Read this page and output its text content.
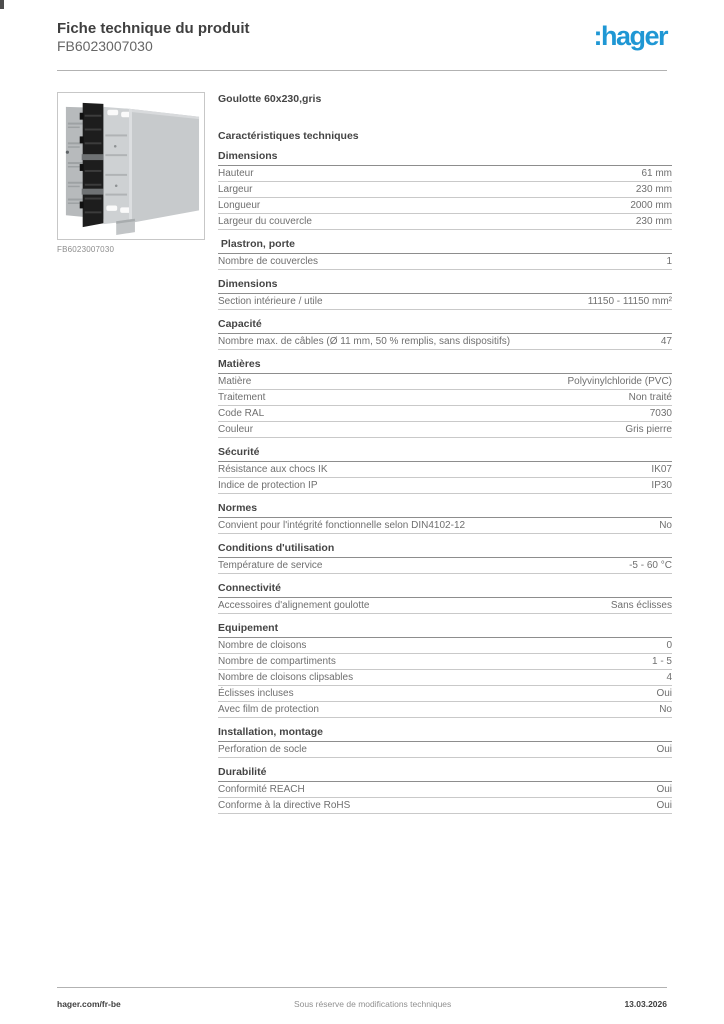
Fiche technique du produit
FB6023007030	:hager
FB6023007030
Goulotte 60x230,gris
Caractéristiques techniques
Dimensions
Hauteur	61 mm
Largeur	230 mm
Longueur	2000 mm
Largeur du couvercle	230 mm
Plastron, porte
Nombre de couvercles	1
Dimensions
Section intérieure / utile	11150 - 11150 mm²
Capacité
Nombre max. de câbles (Ø 11 mm, 50 % remplis, sans dispositifs)	47
Matières
Matière	Polyvinylchloride (PVC)
Traitement	Non traité
Code RAL	7030
Couleur	Gris pierre
Sécurité
Résistance aux chocs IK	IK07
Indice de protection IP	IP30
Normes
Convient pour l'intégrité fonctionnelle selon DIN4102-12	No
Conditions d'utilisation
Température de service	-5 - 60 °C
Connectivité
Accessoires d'alignement goulotte	Sans éclisses
Equipement
Nombre de cloisons	0
Nombre de compartiments	1 - 5
Nombre de cloisons clipsables	4
Éclisses incluses	Oui
Avec film de protection	No
Installation, montage
Perforation de socle	Oui
Durabilité
Conformité REACH	Oui
Conforme à la directive RoHS	Oui
hager.com/fr-be	Sous réserve de modifications techniques	13.03.2026
